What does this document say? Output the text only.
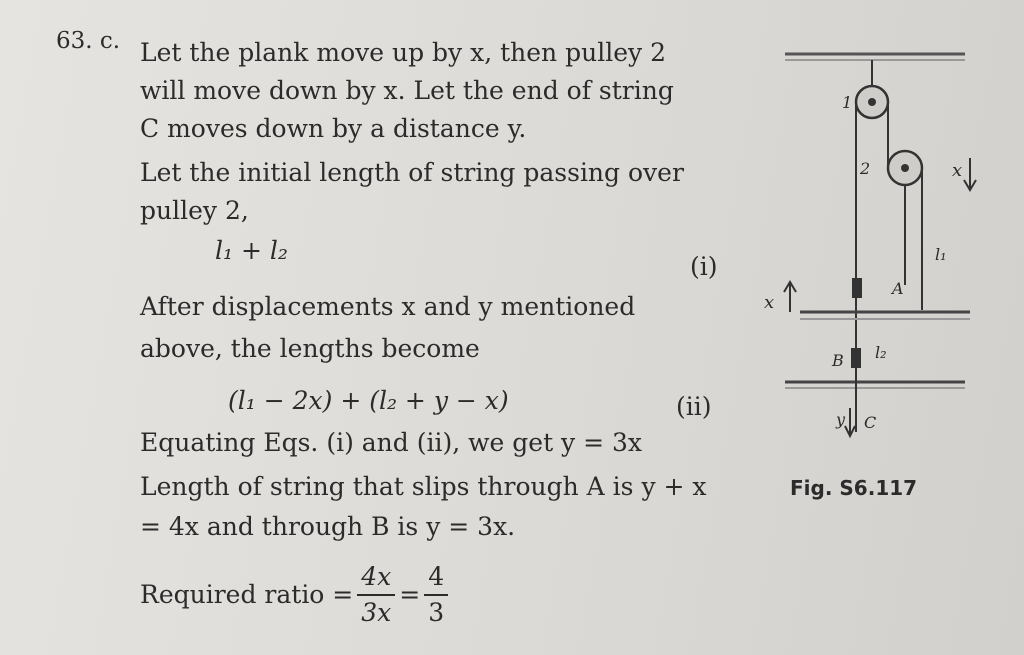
63. c. Let the plank move up by x, then pulley 2
will move down by x. Let the end of string
C moves down by a distance y.
Let the initial length of string passing over
pulley 2,
l₁ + l₂
(i)
After displacements x and y mentioned
above, the lengths become
(l₁ − 2x) + (l₂ + y − x)	(ii)
Equating Eqs. (i) and (ii), we get y = 3x
Length of string that slips through A is y + x
= 4x and through B is y = 3x.
Required ratio = $\frac{4x}{3x} = \frac{4}{3}$
1
2	x
l₁
A
x
B l₂
y C
Fig. S6.117
